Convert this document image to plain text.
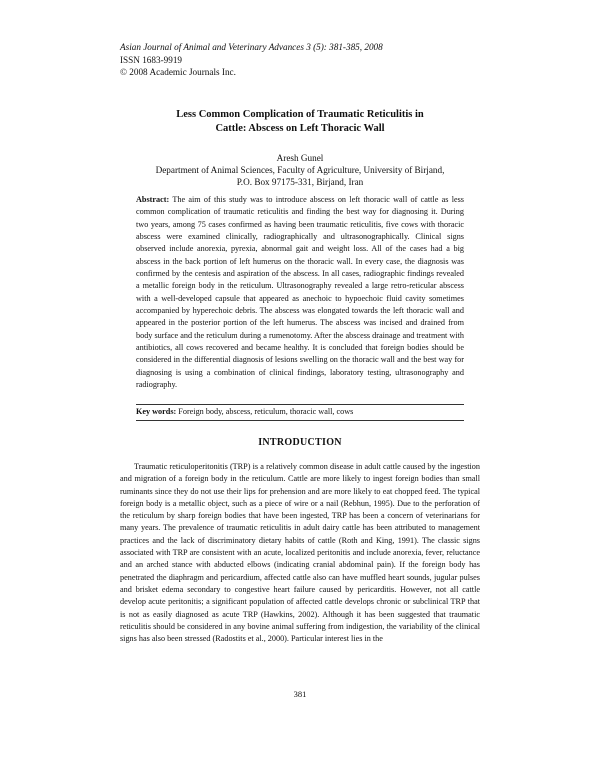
Asian Journal of Animal and Veterinary Advances 3 (5): 381-385, 2008
ISSN 1683-9919
© 2008 Academic Journals Inc.
Less Common Complication of Traumatic Reticulitis in
Cattle: Abscess on Left Thoracic Wall
Aresh Gunel
Department of Animal Sciences, Faculty of Agriculture, University of Birjand,
P.O. Box 97175-331, Birjand, Iran
Abstract: The aim of this study was to introduce abscess on left thoracic wall of cattle as less common complication of traumatic reticulitis and finding the best way for diagnosing it. During two years, among 75 cases confirmed as having been traumatic reticulitis, five cows with thoracic abscess were examined clinically, radiographically and ultrasonographically. Clinical signs observed include anorexia, pyrexia, abnormal gait and weight loss. All of the cases had a big abscess in the back portion of left humerus on the thoracic wall. In every case, the diagnosis was confirmed by the centesis and aspiration of the abscess. In all cases, radiographic findings revealed a metallic foreign body in the reticulum. Ultrasonography revealed a large retro-reticular abscess with a well-developed capsule that appeared as anechoic to hypoechoic fluid cavity sometimes accompanied by hyperechoic debris. The abscess was elongated towards the left thoracic wall and appeared in the posterior portion of the left humerus. The abscess was incised and drained from body surface and the reticulum during a rumenotomy. After the abscess drainage and treatment with antibiotics, all cows recovered and became healthy. It is concluded that foreign bodies should be considered in the differential diagnosis of lesions swelling on the thoracic wall and the best way for diagnosing is using a combination of clinical findings, laboratory testing, ultrasonography and radiography.
Key words: Foreign body, abscess, reticulum, thoracic wall, cows
INTRODUCTION
Traumatic reticuloperitonitis (TRP) is a relatively common disease in adult cattle caused by the ingestion and migration of a foreign body in the reticulum. Cattle are more likely to ingest foreign bodies than small ruminants since they do not use their lips for prehension and are more likely to eat chopped feed. The typical foreign body is a metallic object, such as a piece of wire or a nail (Rebhun, 1995). Due to the perforation of the reticulum by sharp foreign bodies that have been ingested, TRP has been a concern of veterinarians for many years. The prevalence of traumatic reticulitis in adult dairy cattle has been attributed to management practices and the lack of discriminatory dietary habits of cattle (Roth and King, 1991). The classic signs associated with TRP are consistent with an acute, localized peritonitis and include anorexia, fever, reluctance and an arched stance with abducted elbows (indicating cranial abdominal pain). If the foreign body has penetrated the diaphragm and pericardium, affected cattle also can have muffled heart sounds, jugular pulses and brisket edema secondary to congestive heart failure caused by pericarditis. However, not all cattle develop acute peritonitis; a significant population of affected cattle develops chronic or subclinical TRP that is not as easily diagnosed as acute TRP (Hawkins, 2002). Although it has been suggested that traumatic reticulitis should be considered in any bovine animal suffering from indigestion, the variability of the clinical signs has also been stressed (Radostits et al., 2000). Particular interest lies in the
381
